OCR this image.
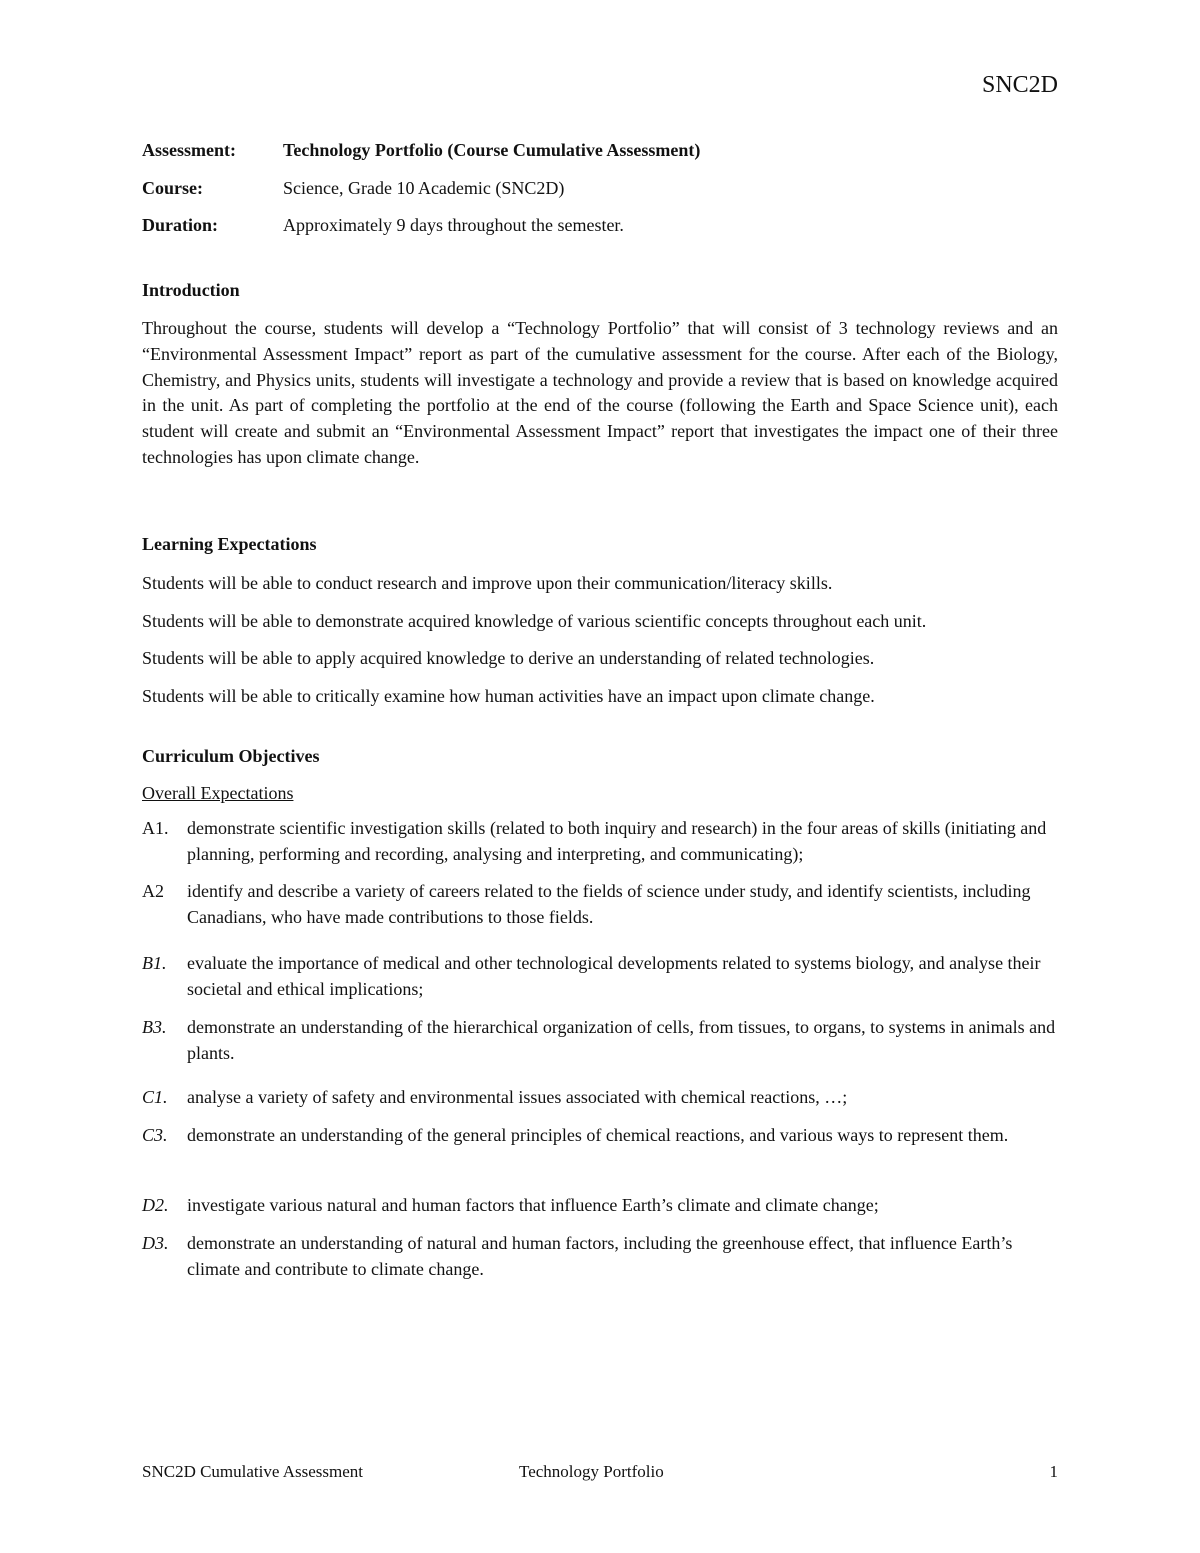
SNC2D
Assessment:	Technology Portfolio (Course Cumulative Assessment)
Course:	Science, Grade 10 Academic (SNC2D)
Duration:	Approximately 9 days throughout the semester.
Introduction
Throughout the course, students will develop a “Technology Portfolio” that will consist of 3 technology reviews and an “Environmental Assessment Impact” report as part of the cumulative assessment for the course. After each of the Biology, Chemistry, and Physics units, students will investigate a technology and provide a review that is based on knowledge acquired in the unit. As part of completing the portfolio at the end of the course (following the Earth and Space Science unit), each student will create and submit an “Environmental Assessment Impact” report that investigates the impact one of their three technologies has upon climate change.
Learning Expectations
Students will be able to conduct research and improve upon their communication/literacy skills.
Students will be able to demonstrate acquired knowledge of various scientific concepts throughout each unit.
Students will be able to apply acquired knowledge to derive an understanding of related technologies.
Students will be able to critically examine how human activities have an impact upon climate change.
Curriculum Objectives
Overall Expectations
A1.	demonstrate scientific investigation skills (related to both inquiry and research) in the four areas of skills (initiating and planning, performing and recording, analysing and interpreting, and communicating);
A2	identify and describe a variety of careers related to the fields of science under study, and identify scientists, including Canadians, who have made contributions to those fields.
B1.	evaluate the importance of medical and other technological developments related to systems biology, and analyse their societal and ethical implications;
B3.	demonstrate an understanding of the hierarchical organization of cells, from tissues, to organs, to systems in animals and plants.
C1.	analyse a variety of safety and environmental issues associated with chemical reactions, …;
C3.	demonstrate an understanding of the general principles of chemical reactions, and various ways to represent them.
D2.	investigate various natural and human factors that influence Earth’s climate and climate change;
D3.	demonstrate an understanding of natural and human factors, including the greenhouse effect, that influence Earth’s climate and contribute to climate change.
SNC2D Cumulative Assessment	Technology Portfolio	1
